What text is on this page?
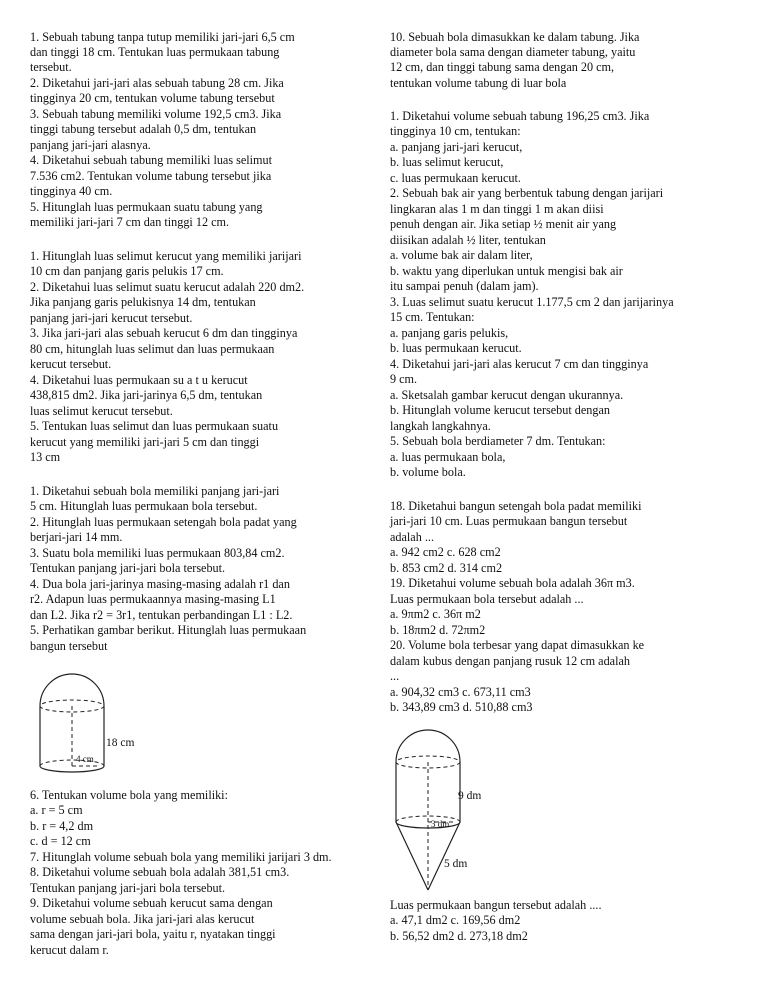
1. Sebuah tabung tanpa tutup memiliki jari-jari 6,5 cm
dan tinggi 18 cm. Tentukan luas permukaan tabung
tersebut.
2. Diketahui jari-jari alas sebuah tabung 28 cm. Jika
tingginya 20 cm, tentukan volume tabung tersebut
3. Sebuah tabung memiliki volume 192,5 cm3. Jika
tinggi tabung tersebut adalah 0,5 dm, tentukan
panjang jari-jari alasnya.
4. Diketahui sebuah tabung memiliki luas selimut
7.536 cm2. Tentukan volume tabung tersebut jika
tingginya 40 cm.
5. Hitunglah luas permukaan suatu tabung yang
memiliki jari-jari 7 cm dan tinggi 12 cm.
1. Hitunglah luas selimut kerucut yang memiliki jarijari
10 cm dan panjang garis pelukis 17 cm.
2. Diketahui luas selimut suatu kerucut adalah 220 dm2.
Jika panjang garis pelukisnya 14 dm, tentukan
panjang jari-jari kerucut tersebut.
3. Jika jari-jari alas sebuah kerucut 6 dm dan tingginya
80 cm, hitunglah luas selimut dan luas permukaan
kerucut tersebut.
4. Diketahui luas permukaan su a t u kerucut
438,815 dm2. Jika jari-jarinya 6,5 dm, tentukan
luas selimut kerucut tersebut.
5. Tentukan luas selimut dan luas permukaan suatu
kerucut yang memiliki jari-jari 5 cm dan tinggi
13 cm
1. Diketahui sebuah bola memiliki panjang jari-jari
5 cm. Hitunglah luas permukaan bola tersebut.
2. Hitunglah luas permukaan setengah bola padat yang
berjari-jari 14 mm.
3. Suatu bola memiliki luas permukaan 803,84 cm2.
Tentukan panjang jari-jari bola tersebut.
4. Dua bola jari-jarinya masing-masing adalah r1 dan
r2. Adapun luas permukaannya masing-masing L1
dan L2. Jika r2 = 3r1, tentukan perbandingan L1 : L2.
5. Perhatikan gambar berikut. Hitunglah luas permukaan
bangun tersebut
18 cm
4 cm
6. Tentukan volume bola yang memiliki:
a. r = 5 cm
b. r = 4,2 dm
c. d = 12 cm
7. Hitunglah volume sebuah bola yang memiliki jarijari 3 dm.
8. Diketahui volume sebuah bola adalah 381,51 cm3.
Tentukan panjang jari-jari bola tersebut.
9. Diketahui volume sebuah kerucut sama dengan
volume sebuah bola. Jika jari-jari alas kerucut
sama dengan jari-jari bola, yaitu r, nyatakan tinggi
kerucut dalam r.
10. Sebuah bola dimasukkan ke dalam tabung. Jika
diameter bola sama dengan diameter tabung, yaitu
12 cm, dan tinggi tabung sama dengan 20 cm,
tentukan volume tabung di luar bola
1. Diketahui volume sebuah tabung 196,25 cm3. Jika
tingginya 10 cm, tentukan:
a. panjang jari-jari kerucut,
b. luas selimut kerucut,
c. luas permukaan kerucut.
2. Sebuah bak air yang berbentuk tabung dengan jarijari
lingkaran alas 1 m dan tinggi 1 m akan diisi
penuh dengan air. Jika setiap ½ menit air yang
diisikan adalah ½ liter, tentukan
a. volume bak air dalam liter,
b. waktu yang diperlukan untuk mengisi bak air
itu sampai penuh (dalam jam).
3. Luas selimut suatu kerucut 1.177,5 cm 2 dan jarijarinya
15 cm. Tentukan:
a. panjang garis pelukis,
b. luas permukaan kerucut.
4. Diketahui jari-jari alas kerucut 7 cm dan tingginya
9 cm.
a. Sketsalah gambar kerucut dengan ukurannya.
b. Hitunglah volume kerucut tersebut dengan
langkah langkahnya.
5. Sebuah bola berdiameter 7 dm. Tentukan:
a. luas permukaan bola,
b. volume bola.
18. Diketahui bangun setengah bola padat memiliki
jari-jari 10 cm. Luas permukaan bangun tersebut
adalah ...
a. 942 cm2 c. 628 cm2
b. 853 cm2 d. 314 cm2
19. Diketahui volume sebuah bola adalah 36π m3.
Luas permukaan bola tersebut adalah ...
a. 9πm2 c. 36π m2
b. 18πm2 d. 72πm2
20. Volume bola terbesar yang dapat dimasukkan ke
dalam kubus dengan panjang rusuk 12 cm adalah
...
a. 904,32 cm3 c. 673,11 cm3
b. 343,89 cm3 d. 510,88 cm3
9 dm
3 dm
5 dm
Luas permukaan bangun tersebut adalah ....
a. 47,1 dm2 c. 169,56 dm2
b. 56,52 dm2 d. 273,18 dm2
